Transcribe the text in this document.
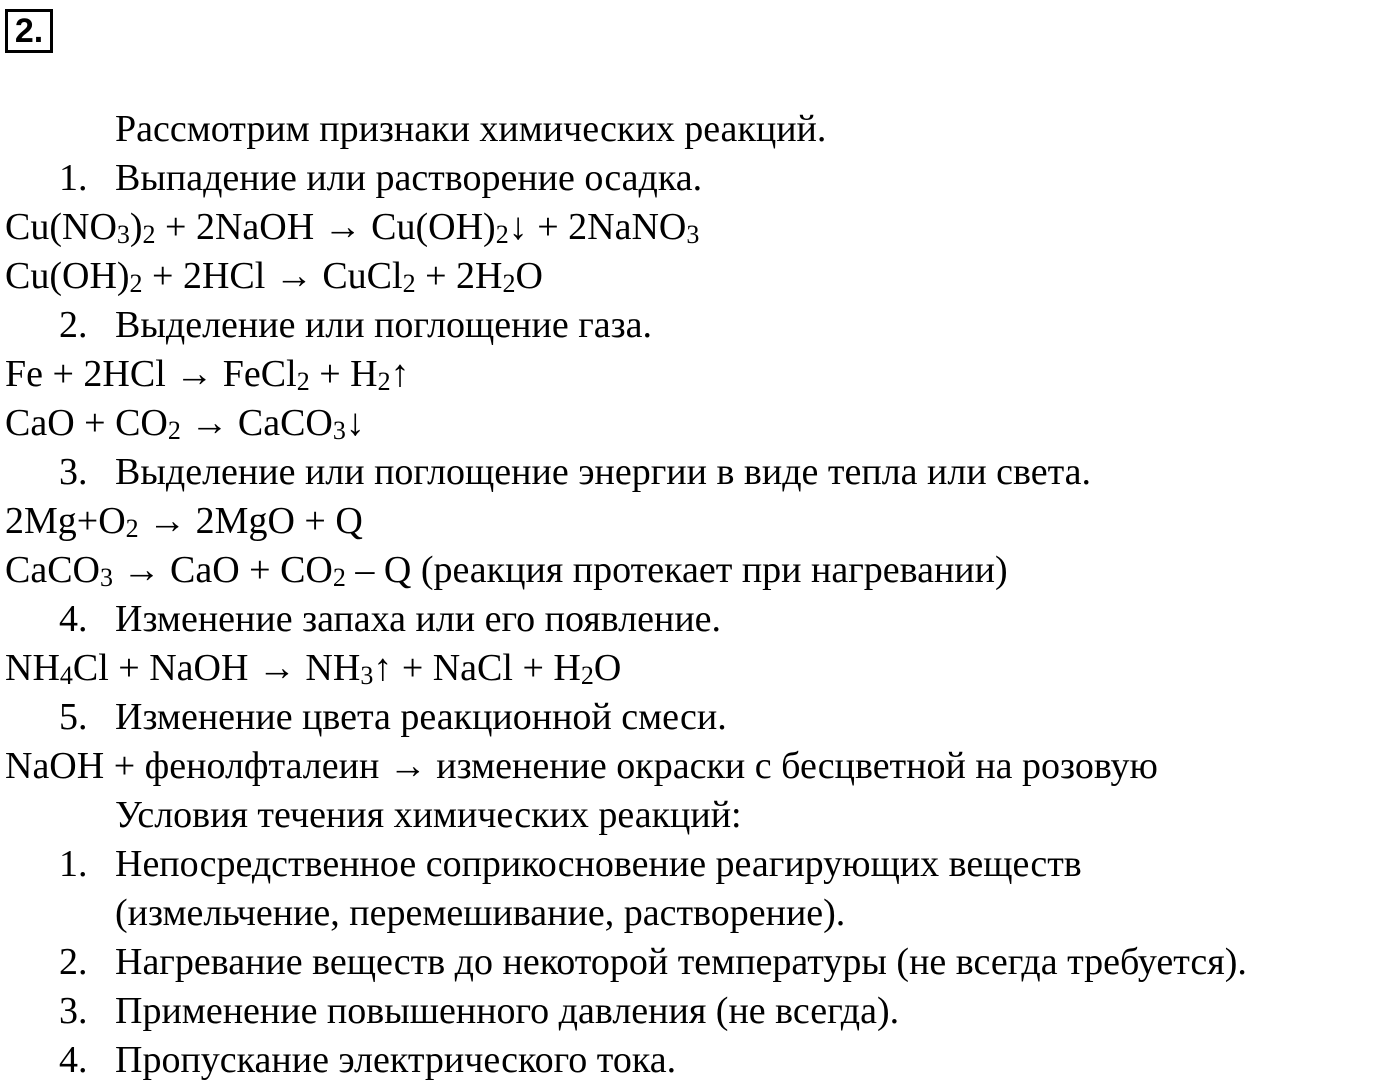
2.
Рассмотрим признаки химических реакций.
1. Выпадение или растворение осадка.
$Cu(NO_3)_2$ + 2NaOH → $Cu(OH)_2↓$ + 2NaNO$_3$
$Cu(OH)_2 + 2HCl$ → CuCl$_2$ + $2H_2O$
2. Выделение или поглощение газа.
Fe + 2HCl → FeCl$_2$ + $H_2↑$
CaO + $CO_2$ → CaCO$_3$↓
3. Выделение или поглощение энергии в виде тепла или света.
$2Mg+O_2 \to 2MgO + Q$
CaCO$_3$ → CaO + $CO_2$ – Q (реакция протекает при нагревании)
4. Изменение запаха или его появление.
$NH_4Cl$ + NaOH → $NH_3↑$ + NaCl + $H_2O$
5. Изменение цвета реакционной смеси.
NaOH + фенолфталеин → изменение окраски с бесцветной на розовую
Условия течения химических реакций:
1. Непосредственное соприкосновение реагирующих веществ
(измельчение, перемешивание, растворение).
2. Нагревание веществ до некоторой температуры (не всегда требуется).
3. Применение повышенного давления (не всегда).
4. Пропускание электрического тока.
